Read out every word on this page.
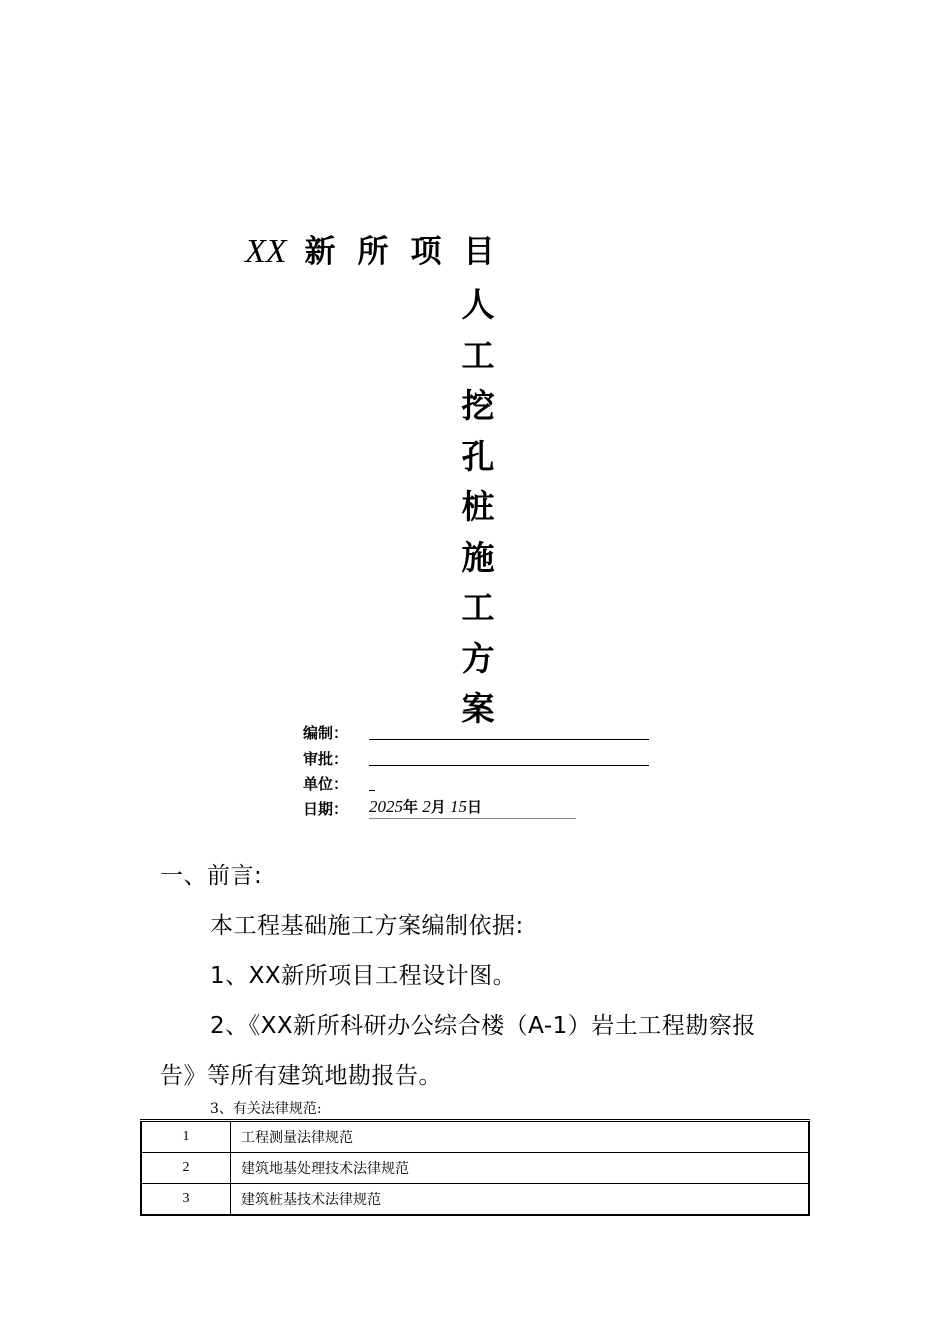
XX 新所项目
人
工
挖
孔
桩
施
工
方
案
编制：
审批：
单位：
日期： 2025年 2月 15日
一、前言:
本工程基础施工方案编制依据:
1、XX新所项目工程设计图。
2、《XX新所科研办公综合楼（A-1）岩土工程勘察报
告》等所有建筑地勘报告。
3、有关法律规范:
1	工程测量法律规范
2	建筑地基处理技术法律规范
3	建筑桩基技术法律规范
